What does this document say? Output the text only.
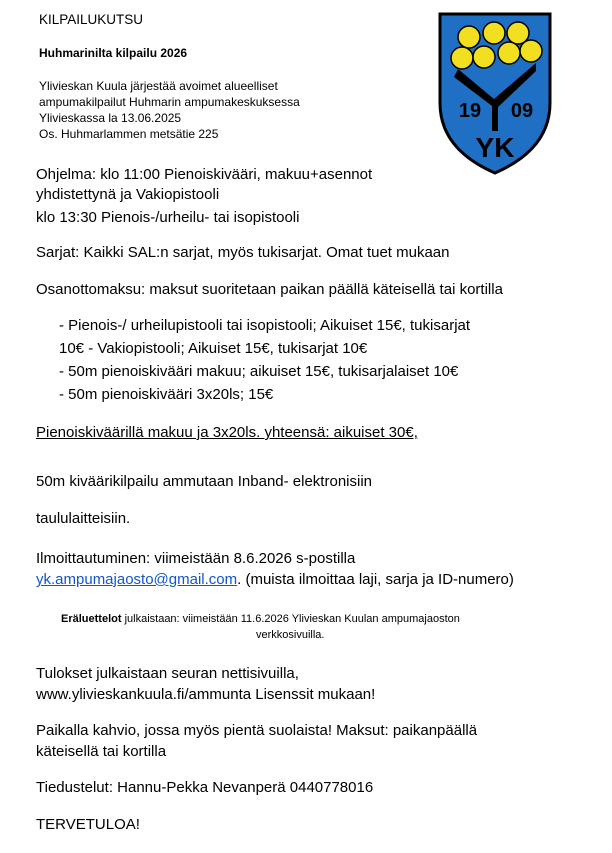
KILPAILUKUTSU
Huhmarinilta kilpailu 2026
Ylivieskan Kuula järjestää avoimet alueelliset
ampumakilpailut Huhmarin ampumakeskuksessa
Ylivieskassa la 13.06.2025
Os. Huhmarlammen metsätie 225
19 09
YK
Ohjelma: klo 11:00 Pienoiskivääri, makuu+asennot
yhdistettynä ja Vakiopistooli
klo 13:30 Pienois-/urheilu- tai isopistooli
Sarjat: Kaikki SAL:n sarjat, myös tukisarjat. Omat tuet mukaan
Osanottomaksu: maksut suoritetaan paikan päällä käteisellä tai kortilla
- Pienois-/ urheilupistooli tai isopistooli; Aikuiset 15€, tukisarjat
10€ - Vakiopistooli; Aikuiset 15€, tukisarjat 10€
- 50m pienoiskivääri makuu; aikuiset 15€, tukisarjalaiset 10€
- 50m pienoiskivääri 3x20ls; 15€
Pienoiskiväärillä makuu ja 3x20ls. yhteensä: aikuiset 30€,
50m kiväärikilpailu ammutaan Inband- elektronisiin
taululaitteisiin.
Ilmoittautuminen: viimeistään 8.6.2026 s-postilla
yk.ampumajaosto@gmail.com. (muista ilmoittaa laji, sarja ja ID-numero)
Eräluettelot julkaistaan: viimeistään 11.6.2026 Ylivieskan Kuulan ampumajaoston
verkkosivuilla.
Tulokset julkaistaan seuran nettisivuilla,
www.ylivieskankuula.fi/ammunta Lisenssit mukaan!
Paikalla kahvio, jossa myös pientä suolaista! Maksut: paikanpäällä
käteisellä tai kortilla
Tiedustelut: Hannu-Pekka Nevanperä 0440778016
TERVETULOA!
